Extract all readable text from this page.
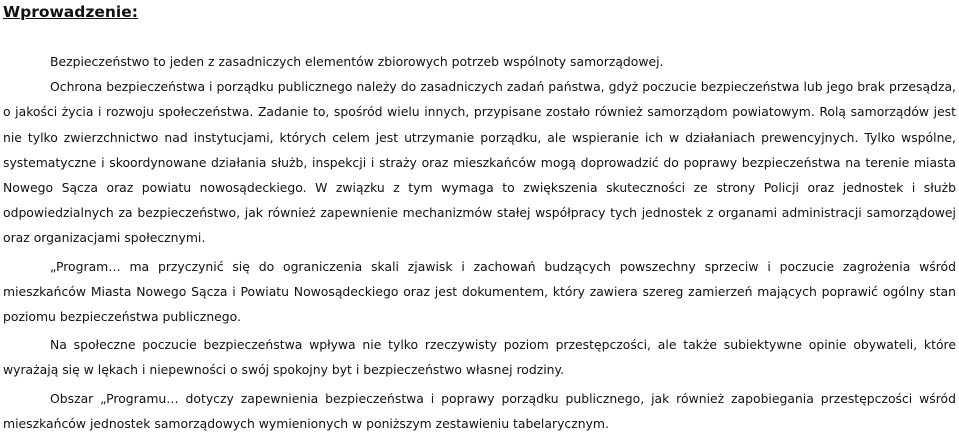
Wprowadzenie:

Bezpieczeństwo to jeden z zasadniczych elementów zbiorowych potrzeb wspólnoty samorządowej.

Ochrona bezpieczeństwa i porządku publicznego należy do zasadniczych zadań państwa, gdyż poczucie bezpieczeństwa lub jego brak przesądza, o jakości życia i rozwoju społeczeństwa. Zadanie to, spośród wielu innych, przypisane zostało również samorządom powiatowym. Rolą samorządów jest nie tylko zwierzchnictwo nad instytucjami, których celem jest utrzymanie porządku, ale wspieranie ich w działaniach prewencyjnych. Tylko wspólne, systematyczne i skoordynowane działania służb, inspekcji i straży oraz mieszkańców mogą doprowadzić do poprawy bezpieczeństwa na terenie miasta Nowego Sącza oraz powiatu nowosądeckiego. W związku z tym wymaga to zwiększenia skuteczności ze strony Policji oraz jednostek i służb odpowiedzialnych za bezpieczeństwo, jak również zapewnienie mechanizmów stałej współpracy tych jednostek z organami administracji samorządowej oraz organizacjami społecznymi.

„Program… ma przyczynić się do ograniczenia skali zjawisk i zachowań budzących powszechny sprzeciw i poczucie zagrożenia wśród mieszkańców Miasta Nowego Sącza i Powiatu Nowosądeckiego oraz jest dokumentem, który zawiera szereg zamierzeń mających poprawić ogólny stan poziomu bezpieczeństwa publicznego.

Na społeczne poczucie bezpieczeństwa wpływa nie tylko rzeczywisty poziom przestępczości, ale także subiektywne opinie obywateli, które wyrażają się w lękach i niepewności o swój spokojny byt i bezpieczeństwo własnej rodziny.

Obszar „Programu… dotyczy zapewnienia bezpieczeństwa i poprawy porządku publicznego, jak również zapobiegania przestępczości wśród mieszkańców jednostek samorządowych wymienionych w poniższym zestawieniu tabelarycznym.
